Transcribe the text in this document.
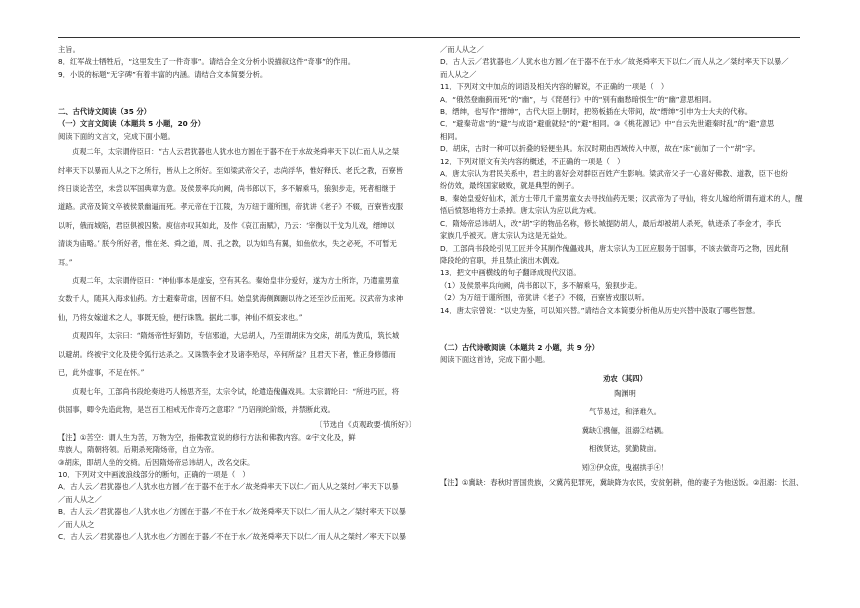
主旨。
8．红军战士牺牲后，“这里发生了一件奇事”。请结合全文分析小说描叙这件“奇事”的作用。
9．小说的标题“无字碑”有着丰富的内涵。请结合文本简要分析。
二、古代诗文阅读（35 分）
（一）文言文阅读（本题共 5 小题，20 分）
阅读下面的文言文，完成下面小题。
贞观二年，太宗谓侍臣曰：“古人云君犹器也人犹水也方圆在于器不在于水故尧舜率天下以仁而人从之桀
纣率天下以暴而人从之下之所行，皆从上之所好。至如梁武帝父子，志尚浮华，惟好释氏、老氏之教，百寮皆
终日谈论苦空，未尝以军国典章为意。及侯景率兵向阙，尚书郎以下，多不解乘马，狼狈步走，死者相继于
道路。武帝及简文卒被侯景幽逼而死。孝元帝在于江陵，为万纽于谨所围，帝犹讲《老子》不辍，百寮皆戎服
以听，俄而城陷，君臣俱被囚絷。庾信亦叹其如此，及作《哀江南赋》，乃云：‘宰衡以干戈为儿戏，缙绅以
清谈为庙略。’ 朕今所好者，惟在尧、舜之道，周、孔之教，以为如鸟有翼，如鱼依水，失之必死，不可暂无
耳。”
贞观二年，太宗谓侍臣曰：“神仙事本是虚妄，空有其名。秦始皇非分爱好，遂为方士所诈，乃遣童男童
女数千人，随其入海求仙药。方士避秦苛虐，因留不归。始皇犹海侧踟蹰以待之还至沙丘而死。汉武帝为求神
仙，乃将女嫁道术之人，事既无验，便行诛戮。据此二事，神仙不烦妄求也。”
贞观四年，太宗曰：“隋炀帝性好猜防，专信邪道，大忌胡人，乃至谓胡床为交床，胡瓜为黄瓜，筑长城
以避胡。终被宇文化及使令狐行达杀之。又诛戮李金才及诸李殆尽，卒何所益？且君天下者，惟正身修德而
已，此外虚事，不足在怀。”
贞观七年，工部尚书段纶奏进巧人杨思齐至，太宗令试，纶遣造傀儡戏具。太宗谓纶曰：“所进巧匠，将
供国事，卿令先造此物，是岂百工相戒无作奇巧之意耶？”乃诏削纶阶级，并禁断此戏。
〔节选自《贞观政要·慎所好》〕
【注】①苦空：谓人生为苦，万物为空，指佛教宣说的修行方法和佛教内容。②宇文化及，鲜
卑族人，隋朝将领。后期杀死隋炀帝，自立为帝。
③胡床，即胡人坐的交椅。后因隋炀帝忌讳胡人，改名交床。
10．下列对文中画波浪线部分的断句，正确的一项是（　）
A．古人云／君犹器也／人犹水也方圆／在于器不在于水／故尧舜率天下以仁／而人从之桀纣／率天下以暴
／而人从之／
B．古人云／君犹器也／人犹水也／方圆在于器／不在于水／故尧舜率天下以仁／而人从之／桀纣率天下以暴
／而人从之
C．古人云／君犹器也／人犹水也／方圆在于器／不在于水／故尧舜率天下以仁／而人从之桀纣／率天下以暴
／而人从之／
D．古人云／君犹器也／人犹水也方圆／在于器不在于水／故尧舜率天下以仁／而人从之／桀纣率天下以暴／
而人从之／
11．下列对文中加点的词语及相关内容的解说，不正确的一项是（　）
A．“俄然登幽蓟而死”的“幽”，与《琵琶行》中的“别有幽愁暗恨生”的“幽”意思相同。
B．缙绅，也写作“搢绅”，古代大臣上朝时，把笏板插在大带间，故“缙绅”引申为士大夫的代称。
C．“避秦苛虐”的“避”与成语“避重就轻”的“避”相同。③《桃花源记》中“自云先世避秦时乱”的“避”意思
相同。
D．胡床，古时一种可以折叠的轻便坐具。东汉时期由西域传入中原，故在“床”前加了一个“胡”字。
12．下列对原文有关内容的概述，不正确的一项是（　）
A．唐太宗认为君民关系中，君主的喜好会对群臣百姓产生影响。梁武帝父子一心喜好佛教、道教，臣下也纷
纷仿效，最终国家破败，就是典型的例子。
B．秦始皇爱好仙术，派方士带几千童男童女去寻找仙药无果；汉武帝为了寻仙，将女儿嫁给所谓有道术的人，醒
悟后愤怒地将方士杀掉。唐太宗认为应以此为戒。
C．隋炀帝忌讳胡人，改“胡”字的物品名称，修长城提防胡人，最后却被胡人杀死，轨迹杀了李金才，李氏
家族几乎被灭。唐太宗认为这是无益处。
D．工部尚书段纶引见工匠并令其制作傀儡戏具，唐太宗认为工匠应服务于国事，不该去做奇巧之物，因此削
降段纶的官职，并且禁止演出木偶戏。
13．把文中画横线的句子翻译成现代汉语。
（1）及侯景率兵向阙，尚书郎以下，多不解乘马，狼狈步走。
（2）为万纽于谨所围，帝犹讲《老子》不辍，百寮皆戎服以听。
14．唐太宗曾说：“以史为鉴，可以知兴替。”请结合文本简要分析他从历史兴替中汲取了哪些智慧。
（二）古代诗歌阅读（本题共 2 小题，共 9 分）
阅读下面这首诗，完成下面小题。
劝农（其四）
陶渊明
气节易过，和泽难久。
冀缺①携俪，沮溺②结耦。
相彼贤达，犹勤陇亩。
矧③伊众庶，曳裾拱手④！
【注】①冀缺：春秋时晋国贵族，父冀芮犯罪死，冀缺降为农民，安贫躬耕，他的妻子为他送饭。②沮溺：长沮、
